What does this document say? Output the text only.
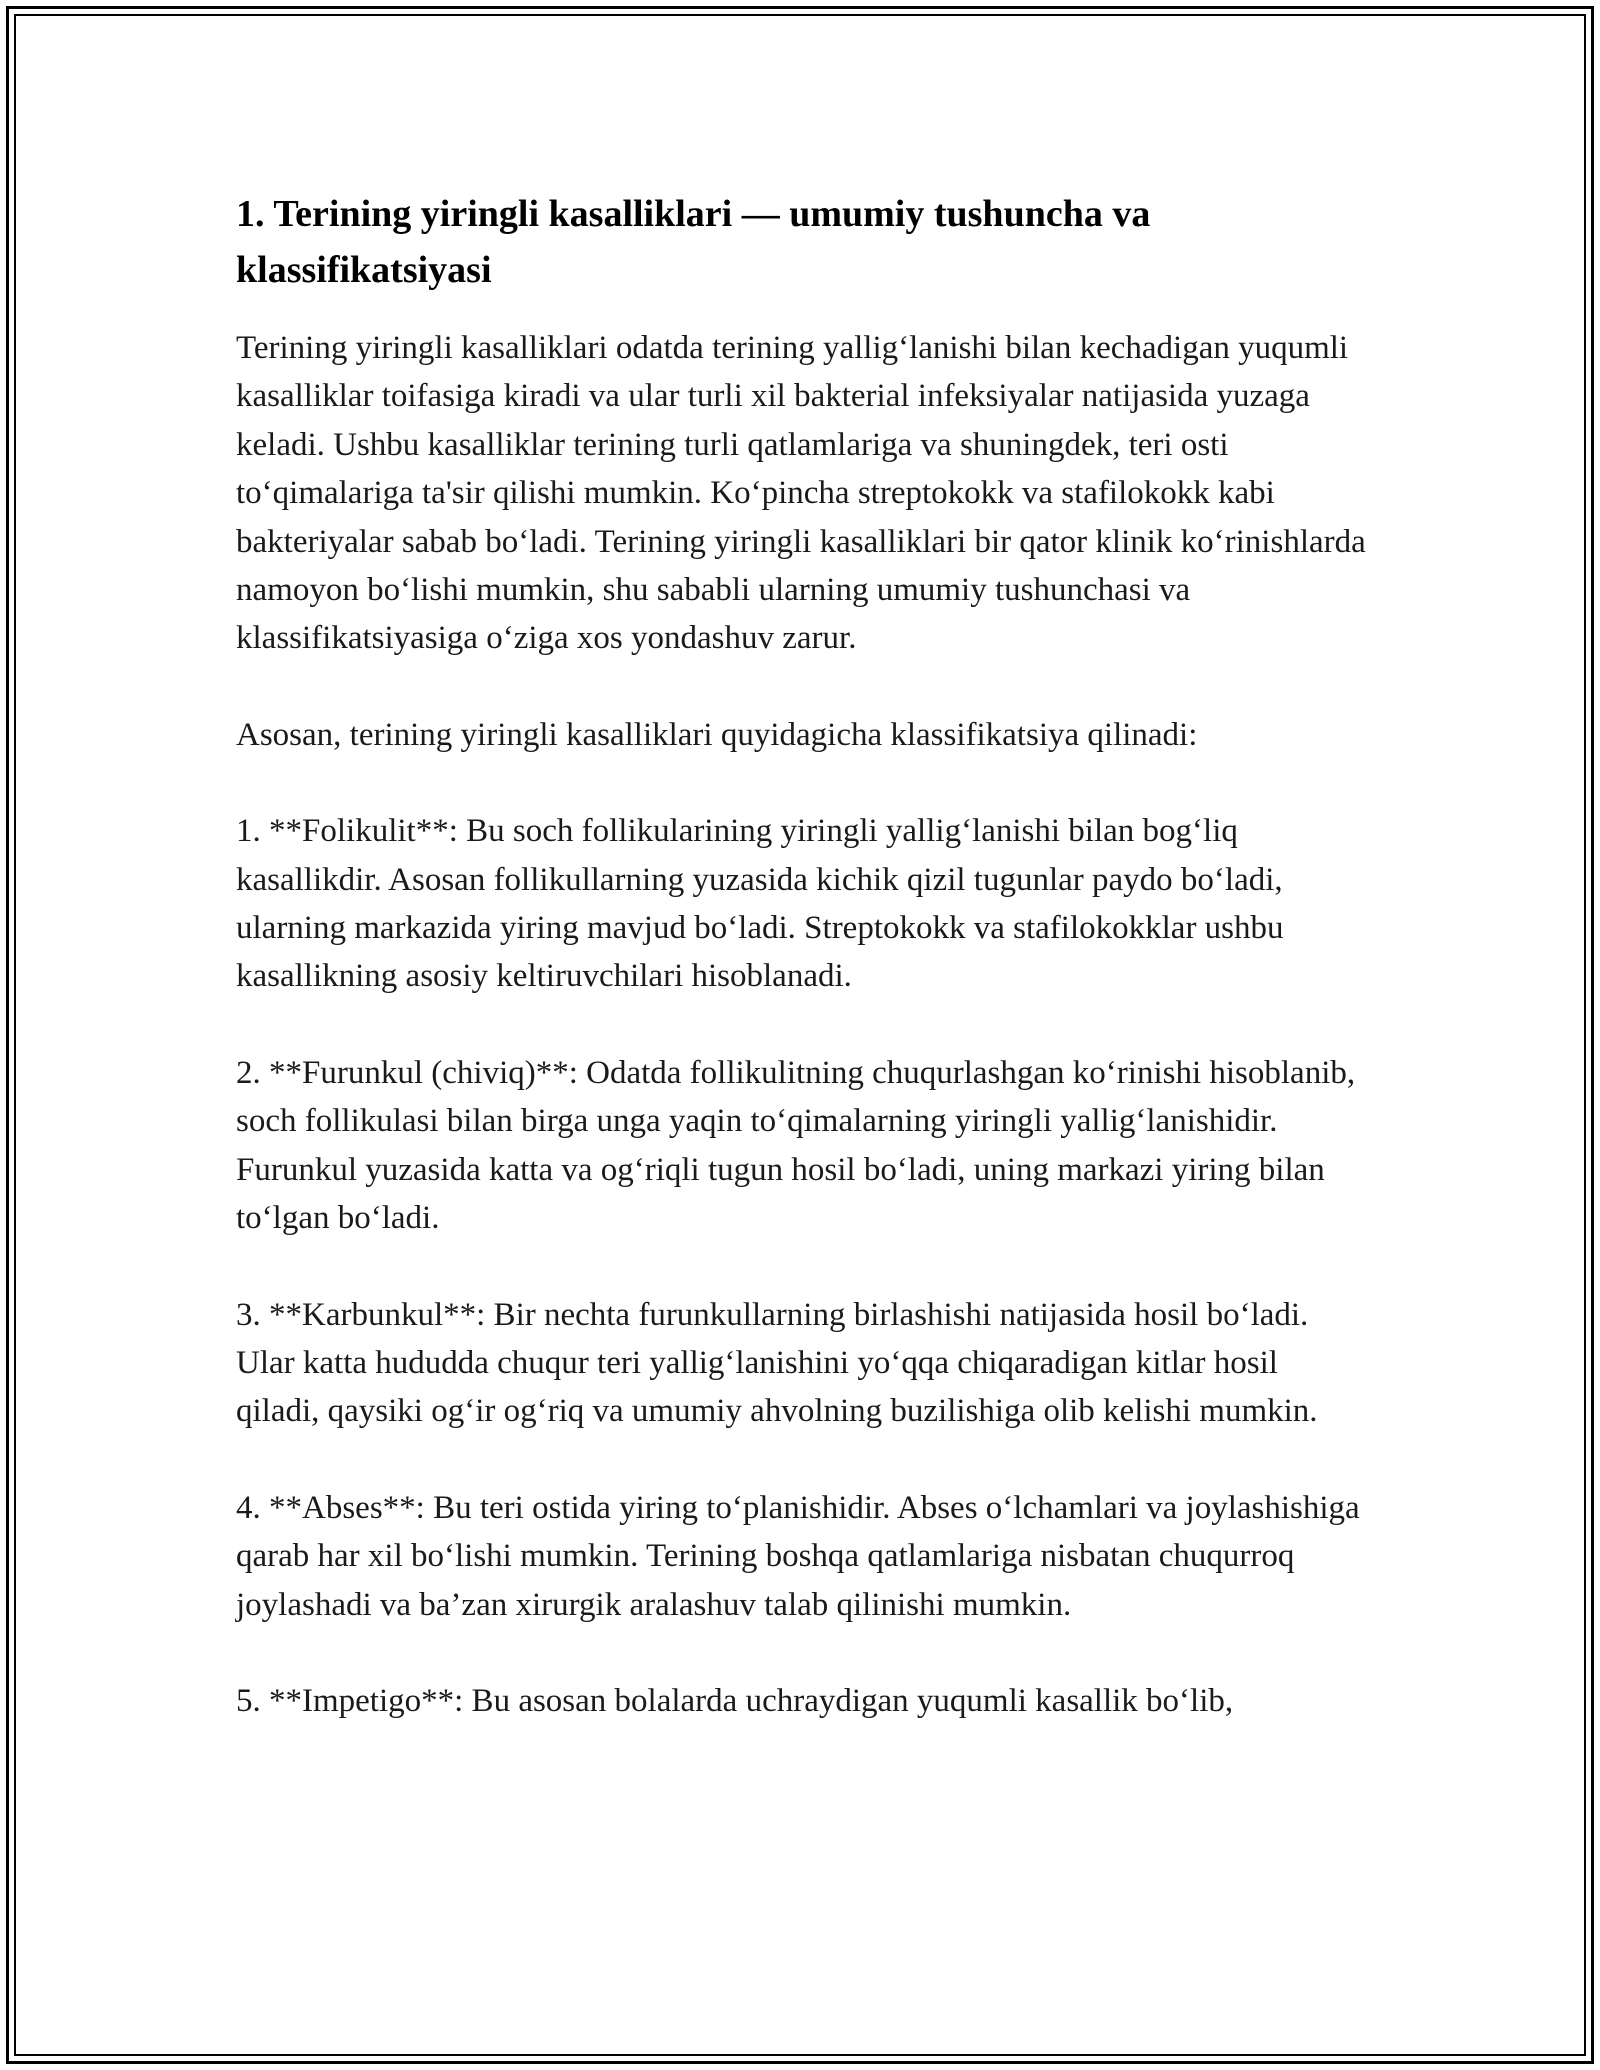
1. Terining yiringli kasalliklari — umumiy tushuncha va klassifikatsiyasi

Terining yiringli kasalliklari odatda terining yallig‘lanishi bilan kechadigan yuqumli kasalliklar toifasiga kiradi va ular turli xil bakterial infeksiyalar natijasida yuzaga keladi. Ushbu kasalliklar terining turli qatlamlariga va shuningdek, teri osti to‘qimalariga ta'sir qilishi mumkin. Ko‘pincha streptokokk va stafilokokk kabi bakteriyalar sabab bo‘ladi. Terining yiringli kasalliklari bir qator klinik ko‘rinishlarda namoyon bo‘lishi mumkin, shu sababli ularning umumiy tushunchasi va klassifikatsiyasiga o‘ziga xos yondashuv zarur.

Asosan, terining yiringli kasalliklari quyidagicha klassifikatsiya qilinadi:

1. **Folikulit**: Bu soch follikularining yiringli yallig‘lanishi bilan bog‘liq kasallikdir. Asosan follikullarning yuzasida kichik qizil tugunlar paydo bo‘ladi, ularning markazida yiring mavjud bo‘ladi. Streptokokk va stafilokokklar ushbu kasallikning asosiy keltiruvchilari hisoblanadi.

2. **Furunkul (chiviq)**: Odatda follikulitning chuqurlashgan ko‘rinishi hisoblanib, soch follikulasi bilan birga unga yaqin to‘qimalarning yiringli yallig‘lanishidir. Furunkul yuzasida katta va og‘riqli tugun hosil bo‘ladi, uning markazi yiring bilan to‘lgan bo‘ladi.

3. **Karbunkul**: Bir nechta furunkullarning birlashishi natijasida hosil bo‘ladi. Ular katta hududda chuqur teri yallig‘lanishini yo‘qqa chiqaradigan kitlar hosil qiladi, qaysiki og‘ir og‘riq va umumiy ahvolning buzilishiga olib kelishi mumkin.

4. **Abses**: Bu teri ostida yiring to‘planishidir. Abses o‘lchamlari va joylashishiga qarab har xil bo‘lishi mumkin. Terining boshqa qatlamlariga nisbatan chuqurroq joylashadi va ba’zan xirurgik aralashuv talab qilinishi mumkin.

5. **Impetigo**: Bu asosan bolalarda uchraydigan yuqumli kasallik bo‘lib,
